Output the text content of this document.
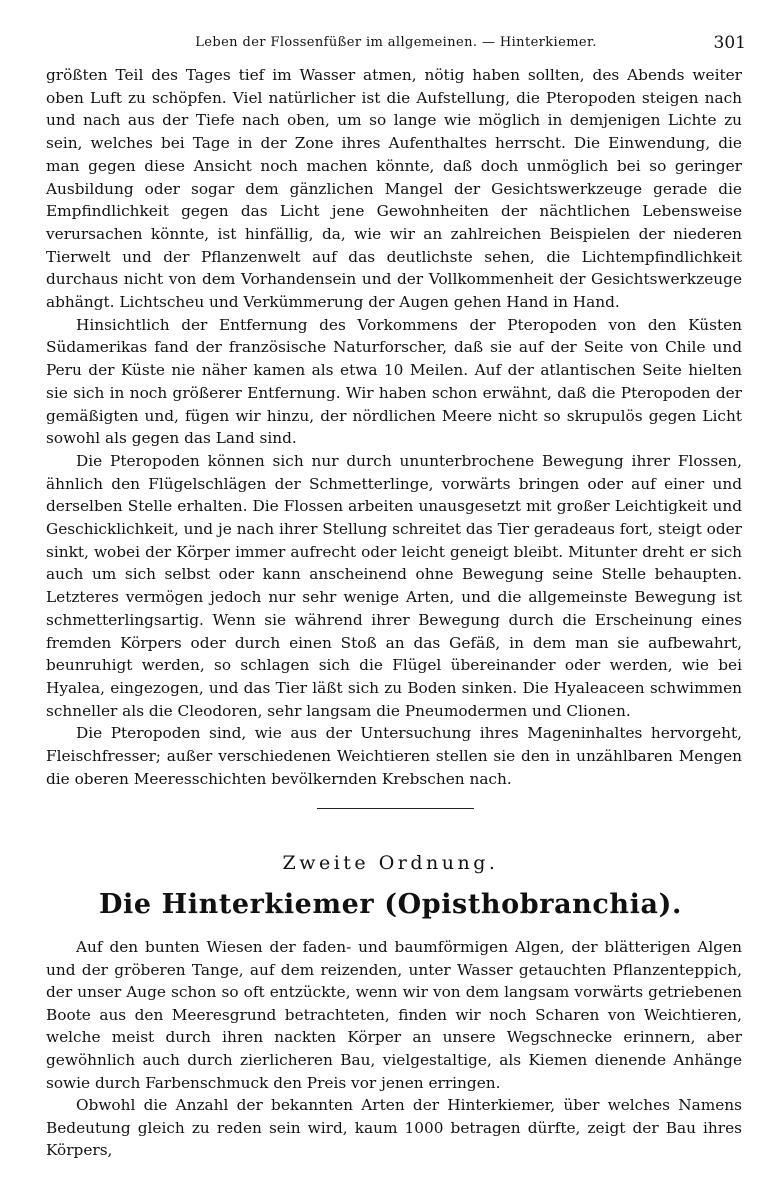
Leben der Flossenfüßer im allgemeinen. — Hinterkiemer.	301

größten Teil des Tages tief im Wasser atmen, nötig haben sollten, des Abends weiter oben Luft zu schöpfen. Viel natürlicher ist die Aufstellung, die Pteropoden steigen nach und nach aus der Tiefe nach oben, um so lange wie möglich in demjenigen Lichte zu sein, welches bei Tage in der Zone ihres Aufenthaltes herrscht. Die Einwendung, die man gegen diese Ansicht noch machen könnte, daß doch unmöglich bei so geringer Ausbildung oder sogar dem gänzlichen Mangel der Gesichtswerkzeuge gerade die Empfindlichkeit gegen das Licht jene Gewohnheiten der nächtlichen Lebensweise verursachen könnte, ist hinfällig, da, wie wir an zahlreichen Beispielen der niederen Tierwelt und der Pflanzenwelt auf das deutlichste sehen, die Lichtempfindlichkeit durchaus nicht von dem Vorhandensein und der Vollkommenheit der Gesichtswerkzeuge abhängt. Lichtscheu und Verkümmerung der Augen gehen Hand in Hand.

Hinsichtlich der Entfernung des Vorkommens der Pteropoden von den Küsten Südamerikas fand der französische Naturforscher, daß sie auf der Seite von Chile und Peru der Küste nie näher kamen als etwa 10 Meilen. Auf der atlantischen Seite hielten sie sich in noch größerer Entfernung. Wir haben schon erwähnt, daß die Pteropoden der gemäßigten und, fügen wir hinzu, der nördlichen Meere nicht so skrupulös gegen Licht sowohl als gegen das Land sind.

Die Pteropoden können sich nur durch ununterbrochene Bewegung ihrer Flossen, ähnlich den Flügelschlägen der Schmetterlinge, vorwärts bringen oder auf einer und derselben Stelle erhalten. Die Flossen arbeiten unausgesetzt mit großer Leichtigkeit und Geschicklichkeit, und je nach ihrer Stellung schreitet das Tier geradeaus fort, steigt oder sinkt, wobei der Körper immer aufrecht oder leicht geneigt bleibt. Mitunter dreht er sich auch um sich selbst oder kann anscheinend ohne Bewegung seine Stelle behaupten. Letzteres vermögen jedoch nur sehr wenige Arten, und die allgemeinste Bewegung ist schmetterlingsartig. Wenn sie während ihrer Bewegung durch die Erscheinung eines fremden Körpers oder durch einen Stoß an das Gefäß, in dem man sie aufbewahrt, beunruhigt werden, so schlagen sich die Flügel übereinander oder werden, wie bei Hyalea, eingezogen, und das Tier läßt sich zu Boden sinken. Die Hyaleaceen schwimmen schneller als die Cleodoren, sehr langsam die Pneumodermen und Clionen.

Die Pteropoden sind, wie aus der Untersuchung ihres Mageninhaltes hervorgeht, Fleischfresser; außer verschiedenen Weichtieren stellen sie den in unzählbaren Mengen die oberen Meeresschichten bevölkernden Krebschen nach.

Zweite Ordnung.
Die Hinterkiemer (Opisthobranchia).

Auf den bunten Wiesen der faden- und baumförmigen Algen, der blätterigen Algen und der gröberen Tange, auf dem reizenden, unter Wasser getauchten Pflanzenteppich, der unser Auge schon so oft entzückte, wenn wir von dem langsam vorwärts getriebenen Boote aus den Meeresgrund betrachteten, finden wir noch Scharen von Weichtieren, welche meist durch ihren nackten Körper an unsere Wegschnecke erinnern, aber gewöhnlich auch durch zierlicheren Bau, vielgestaltige, als Kiemen dienende Anhänge sowie durch Farbenschmuck den Preis vor jenen erringen.

Obwohl die Anzahl der bekannten Arten der Hinterkiemer, über welches Namens Bedeutung gleich zu reden sein wird, kaum 1000 betragen dürfte, zeigt der Bau ihres Körpers,
